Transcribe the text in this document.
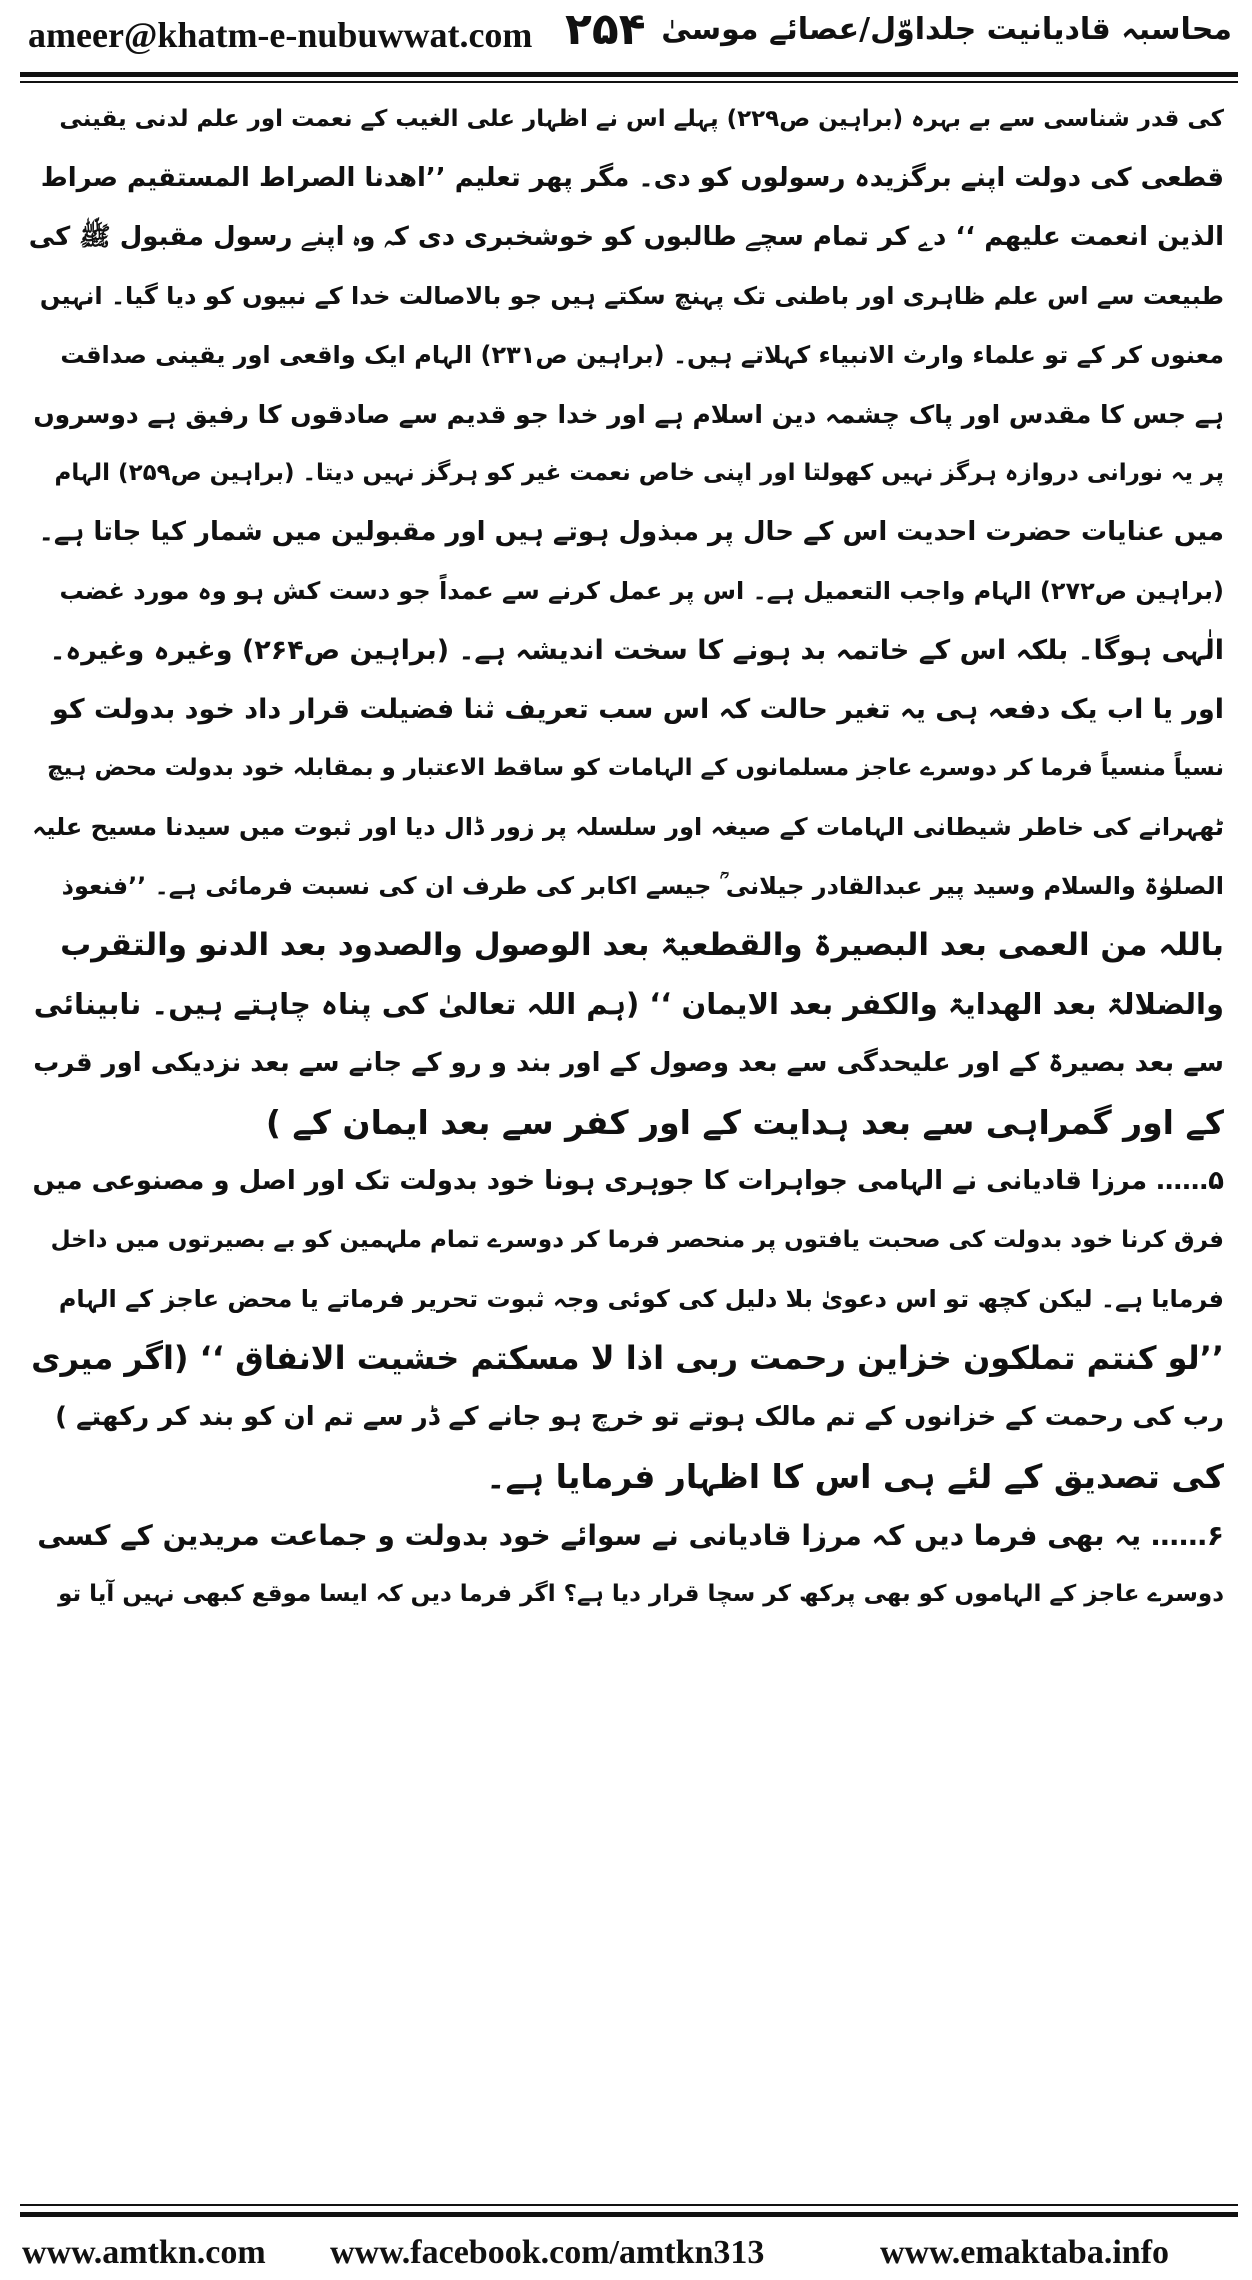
ameer@khatm-e-nubuwwat.com ۲۵۴ محاسبہ قادیانیت جلداوّل/عصائے موسیٰ
کی قدر شناسی سے بے بہرہ (براہین ص۲۲۹) پہلے اس نے اظہار علی الغیب کے نعمت اور علم لدنی یقینی
قطعی کی دولت اپنے برگزیدہ رسولوں کو دی۔ مگر پھر تعلیم ’’اھدنا الصراط المستقیم صراط
الذین انعمت علیھم ‘‘ دے کر تمام سچے طالبوں کو خوشخبری دی کہ وہ اپنے رسول مقبول ﷺ کی
طبیعت سے اس علم ظاہری اور باطنی تک پہنچ سکتے ہیں جو بالاصالت خدا کے نبیوں کو دیا گیا۔ انہیں
معنوں کر کے تو علماء وارث الانبیاء کہلاتے ہیں۔ (براہین ص۲۳۱) الہام ایک واقعی اور یقینی صداقت
ہے جس کا مقدس اور پاک چشمہ دین اسلام ہے اور خدا جو قدیم سے صادقوں کا رفیق ہے دوسروں
پر یہ نورانی دروازہ ہرگز نہیں کھولتا اور اپنی خاص نعمت غیر کو ہرگز نہیں دیتا۔ (براہین ص۲۵۹) الہام
میں عنایات حضرت احدیت اس کے حال پر مبذول ہوتے ہیں اور مقبولین میں شمار کیا جاتا ہے۔
(براہین ص۲۷۲) الہام واجب التعمیل ہے۔ اس پر عمل کرنے سے عمداً جو دست کش ہو وہ مورد غضب
الٰہی ہوگا۔ بلکہ اس کے خاتمہ بد ہونے کا سخت اندیشہ ہے۔ (براہین ص۲۶۴) وغیرہ وغیرہ۔
اور یا اب یک دفعہ ہی یہ تغیر حالت کہ اس سب تعریف ثنا فضیلت قرار داد خود بدولت کو
نسیاً منسیاً فرما کر دوسرے عاجز مسلمانوں کے الہامات کو ساقط الاعتبار و بمقابلہ خود بدولت محض ہیچ
ٹھہرانے کی خاطر شیطانی الہامات کے صیغہ اور سلسلہ پر زور ڈال دیا اور ثبوت میں سیدنا مسیح علیہ
الصلوٰۃ والسلام وسید پیر عبدالقادر جیلانی ؒ جیسے اکابر کی طرف ان کی نسبت فرمائی ہے۔ ’’فنعوذ
باللہ من العمی بعد البصیرۃ والقطعیۃ بعد الوصول والصدود بعد الدنو والتقرب
والضلالۃ بعد الھدایۃ والکفر بعد الایمان ‘‘ (ہم اللہ تعالیٰ کی پناہ چاہتے ہیں۔ نابینائی
سے بعد بصیرۃ کے اور علیحدگی سے بعد وصول کے اور بند و رو کے جانے سے بعد نزدیکی اور قرب
کے اور گمراہی سے بعد ہدایت کے اور کفر سے بعد ایمان کے )
۵…… مرزا قادیانی نے الہامی جواہرات کا جوہری ہونا خود بدولت تک اور اصل و مصنوعی میں
فرق کرنا خود بدولت کی صحبت یافتوں پر منحصر فرما کر دوسرے تمام ملہمین کو بے بصیرتوں میں داخل
فرمایا ہے۔ لیکن کچھ تو اس دعویٰ بلا دلیل کی کوئی وجہ ثبوت تحریر فرماتے یا محض عاجز کے الہام
’’لو کنتم تملکون خزاین رحمت ربی اذا لا مسکتم خشیت الانفاق ‘‘ (اگر میری
رب کی رحمت کے خزانوں کے تم مالک ہوتے تو خرچ ہو جانے کے ڈر سے تم ان کو بند کر رکھتے )
کی تصدیق کے لئے ہی اس کا اظہار فرمایا ہے۔
۶…… یہ بھی فرما دیں کہ مرزا قادیانی نے سوائے خود بدولت و جماعت مریدین کے کسی
دوسرے عاجز کے الہاموں کو بھی پرکھ کر سچا قرار دیا ہے؟ اگر فرما دیں کہ ایسا موقع کبھی نہیں آیا تو
www.amtkn.com www.facebook.com/amtkn313	www.emaktaba.info
